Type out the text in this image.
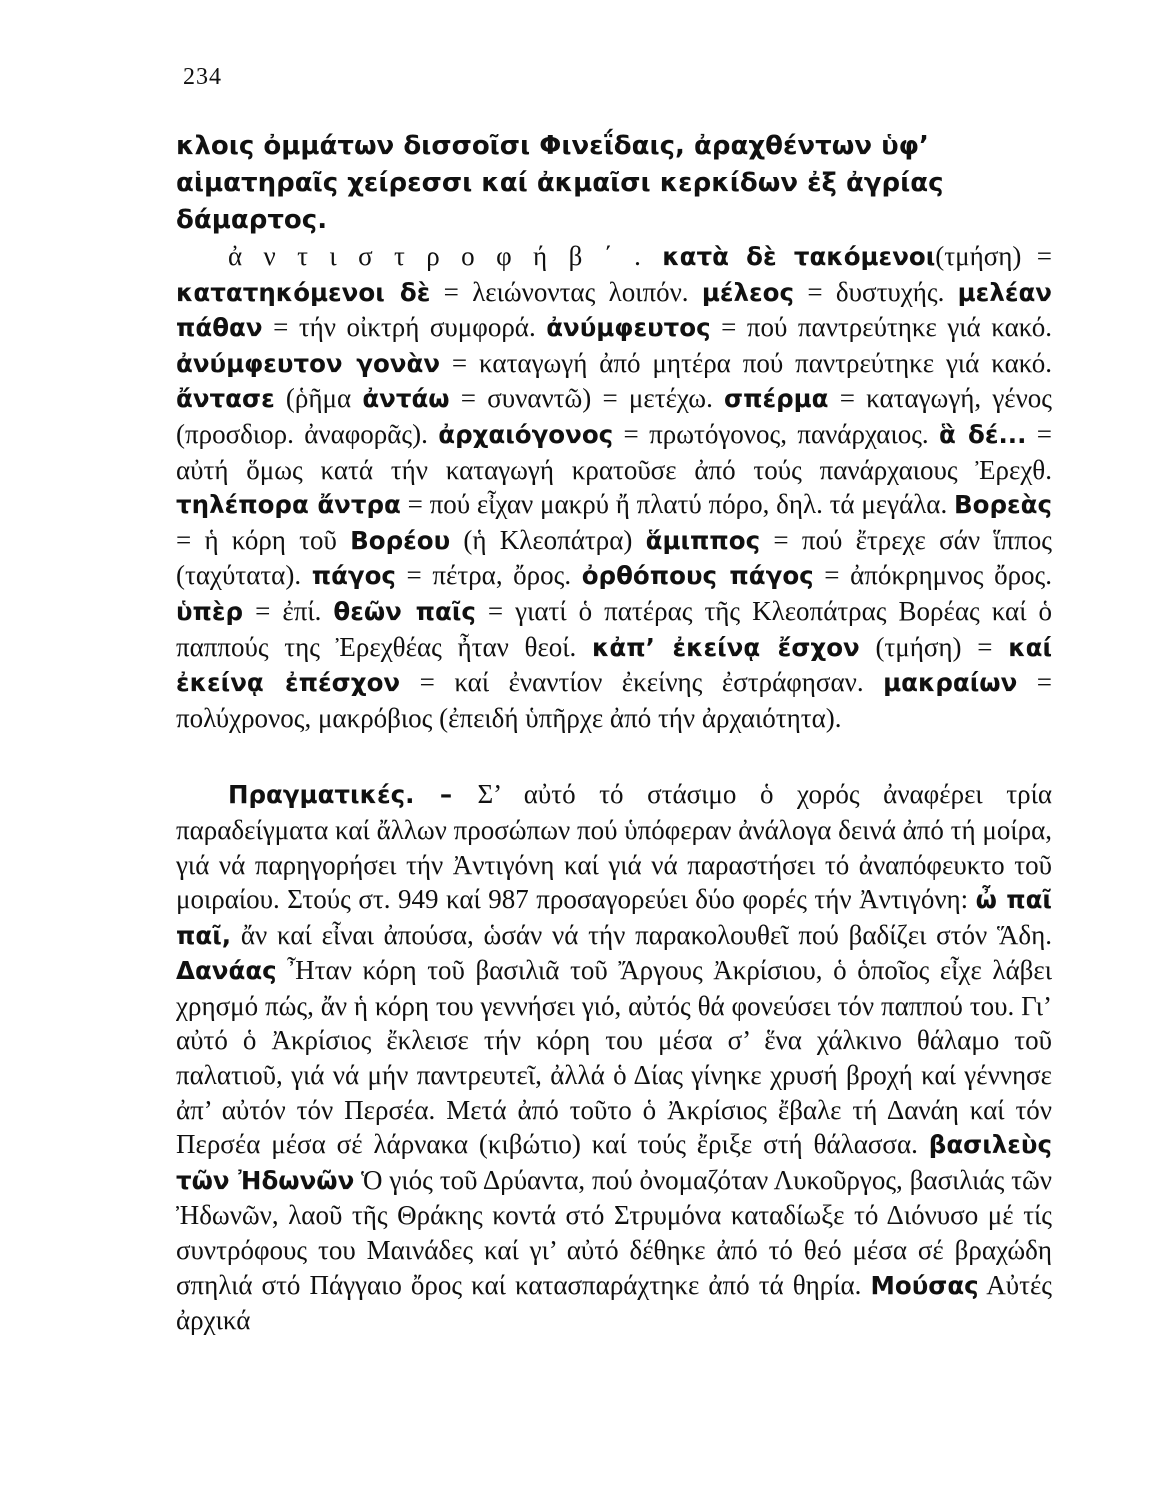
234

κλοις ὀμμάτων δισσοῖσι Φινεΐδαις, ἀραχθέντων ὑφ’ αἱματηραῖς χείρεσσι καί ἀκμαῖσι κερκίδων ἐξ ἀγρίας δάμαρτος.

ἀ ν τ ι σ τ ρ ο φ ή β ΄ . κατὰ δὲ τακόμενοι(τμήση) = κατατηκόμενοι δὲ = λειώνοντας λοιπόν. μέλεος = δυστυχής. μελέαν πάθαν = τήν οἰκτρή συμφορά. ἀνύμφευτος = πού παντρεύτηκε γιά κακό. ἀνύμφευτον γονὰν = καταγωγή ἀπό μητέρα πού παντρεύτηκε γιά κακό. ἄντασε (ῥῆμα ἀντάω = συναντῶ) = μετέχω. σπέρμα = καταγωγή, γένος (προσδιορ. ἀναφορᾶς). ἀρχαιόγονος = πρωτόγονος, πανάρχαιος. ἃ δέ... = αὐτή ὅμως κατά τήν καταγωγή κρατοῦσε ἀπό τούς πανάρχαιους Ἐρεχθ. τηλέπορα ἄντρα = πού εἶχαν μακρύ ἤ πλατύ πόρο, δηλ. τά μεγάλα. Βορεὰς = ἡ κόρη τοῦ Βορέου (ἡ Κλεοπάτρα) ἅμιππος = πού ἔτρεχε σάν ἵππος (ταχύτατα). πάγος = πέτρα, ὄρος. ὀρθόπους πάγος = ἀπόκρημνος ὄρος. ὑπὲρ = ἐπί. θεῶν παῖς = γιατί ὁ πατέρας τῆς Κλεοπάτρας Βορέας καί ὁ παππούς της Ἐρεχθέας ἦταν θεοί. κἀπ’ ἐκείνᾳ ἔσχον (τμήση) = καί ἐκείνᾳ ἐπέσχον = καί ἐναντίον ἐκείνης ἐστράφησαν. μακραίων = πολύχρονος, μακρόβιος (ἐπειδή ὑπῆρχε ἀπό τήν ἀρχαιότητα).

Πραγματικές. – Σ’ αὐτό τό στάσιμο ὁ χορός ἀναφέρει τρία παραδείγματα καί ἄλλων προσώπων πού ὑπόφεραν ἀνάλογα δεινά ἀπό τή μοίρα, γιά νά παρηγορήσει τήν Ἀντιγόνη καί γιά νά παραστήσει τό ἀναπόφευκτο τοῦ μοιραίου. Στούς στ. 949 καί 987 προσαγορεύει δύο φορές τήν Ἀντιγόνη: ὦ παῖ παῖ, ἄν καί εἶναι ἀπούσα, ὡσάν νά τήν παρακολουθεῖ πού βαδίζει στόν Ἅδη. Δανάας Ἦταν κόρη τοῦ βασιλιᾶ τοῦ Ἄργους Ἀκρίσιου, ὁ ὁποῖος εἶχε λάβει χρησμό πώς, ἄν ἡ κόρη του γεννήσει γιό, αὐτός θά φονεύσει τόν παππού του. Γι’ αὐτό ὁ Ἀκρίσιος ἔκλεισε τήν κόρη του μέσα σ’ ἕνα χάλκινο θάλαμο τοῦ παλατιοῦ, γιά νά μήν παντρευτεῖ, ἀλλά ὁ Δίας γίνηκε χρυσή βροχή καί γέννησε ἀπ’ αὐτόν τόν Περσέα. Μετά ἀπό τοῦτο ὁ Ἀκρίσιος ἔβαλε τή Δανάη καί τόν Περσέα μέσα σέ λάρνακα (κιβώτιο) καί τούς ἔριξε στή θάλασσα. βασιλεὺς τῶν Ἠδωνῶν Ὁ γιός τοῦ Δρύαντα, πού ὀνομαζόταν Λυκοῦργος, βασιλιάς τῶν Ἠδωνῶν, λαοῦ τῆς Θράκης κοντά στό Στρυμόνα καταδίωξε τό Διόνυσο μέ τίς συντρόφους του Μαινάδες καί γι’ αὐτό δέθηκε ἀπό τό θεό μέσα σέ βραχώδη σπηλιά στό Πάγγαιο ὄρος καί κατασπαράχτηκε ἀπό τά θηρία. Μούσας Αὐτές ἀρχικά
